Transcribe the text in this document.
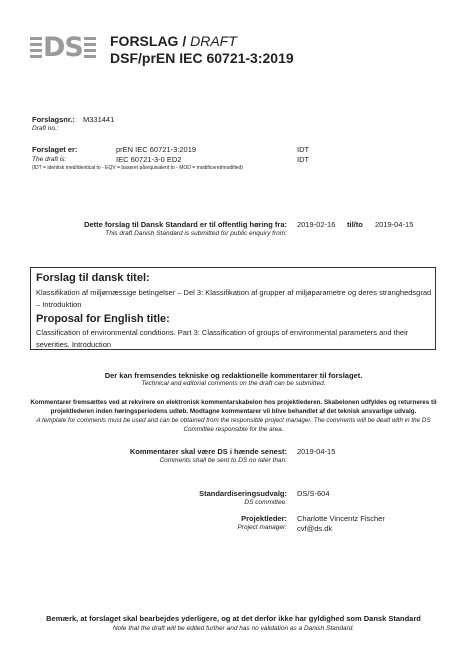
DS FORSLAG / DRAFT
DSF/prEN IEC 60721-3:2019
Forslagsnr.: M331441
Draft no.:
Forslaget er:	prEN IEC 60721-3:2019	IDT
The draft is:	IEC 60721-3-0 ED2	IDT
(IDT = identisk med/identical to - EQV = baseret på/equivalent to - MOD = modificeret/modified)
Dette forslag til Dansk Standard er til offentlig høring fra:
This draft Danish Standard is submitted for public enquiry from:
2019-02-16 til/to 2019-04-15
Forslag til dansk titel:
Klassifikation af miljømæssige betingelser – Del 3: Klassifikation af grupper af miljøparametre og deres stranghedsgrad – Introduktion
Proposal for English title:
Classification of environmental conditions. Part 3: Classification of groups of environmental parameters and their severities. Introduction
Der kan fremsendes tekniske og redaktionelle kommentarer til forslaget.
Technical and editorial comments on the draft can be submitted.
Kommentarer fremsættes ved at rekvirere en elektronisk kommentarskabelon hos projektlederen. Skabelonen udfyldes og returneres til projektlederen inden høringsperiodens udløb. Modtagne kommentarer vil blive behandlet af det teknisk ansvarlige udvalg.
A template for comments must be used and can be obtained from the responsible project manager. The comments will be dealt with in the DS Committee responsible for the area.
Kommentarer skal være DS i hænde senest:
Comments shall be sent to DS no later than:
2019-04-15
Standardiseringsudvalg:
DS committee:
DS/S-604
Projektleder:
Project manager:
Charlotte Vincentz Fischer
cvf@ds.dk
Bemærk, at forslaget skal bearbejdes yderligere, og at det derfor ikke har gyldighed som Dansk Standard
Note that the draft will be edited further and has no validation as a Danish Standard.
